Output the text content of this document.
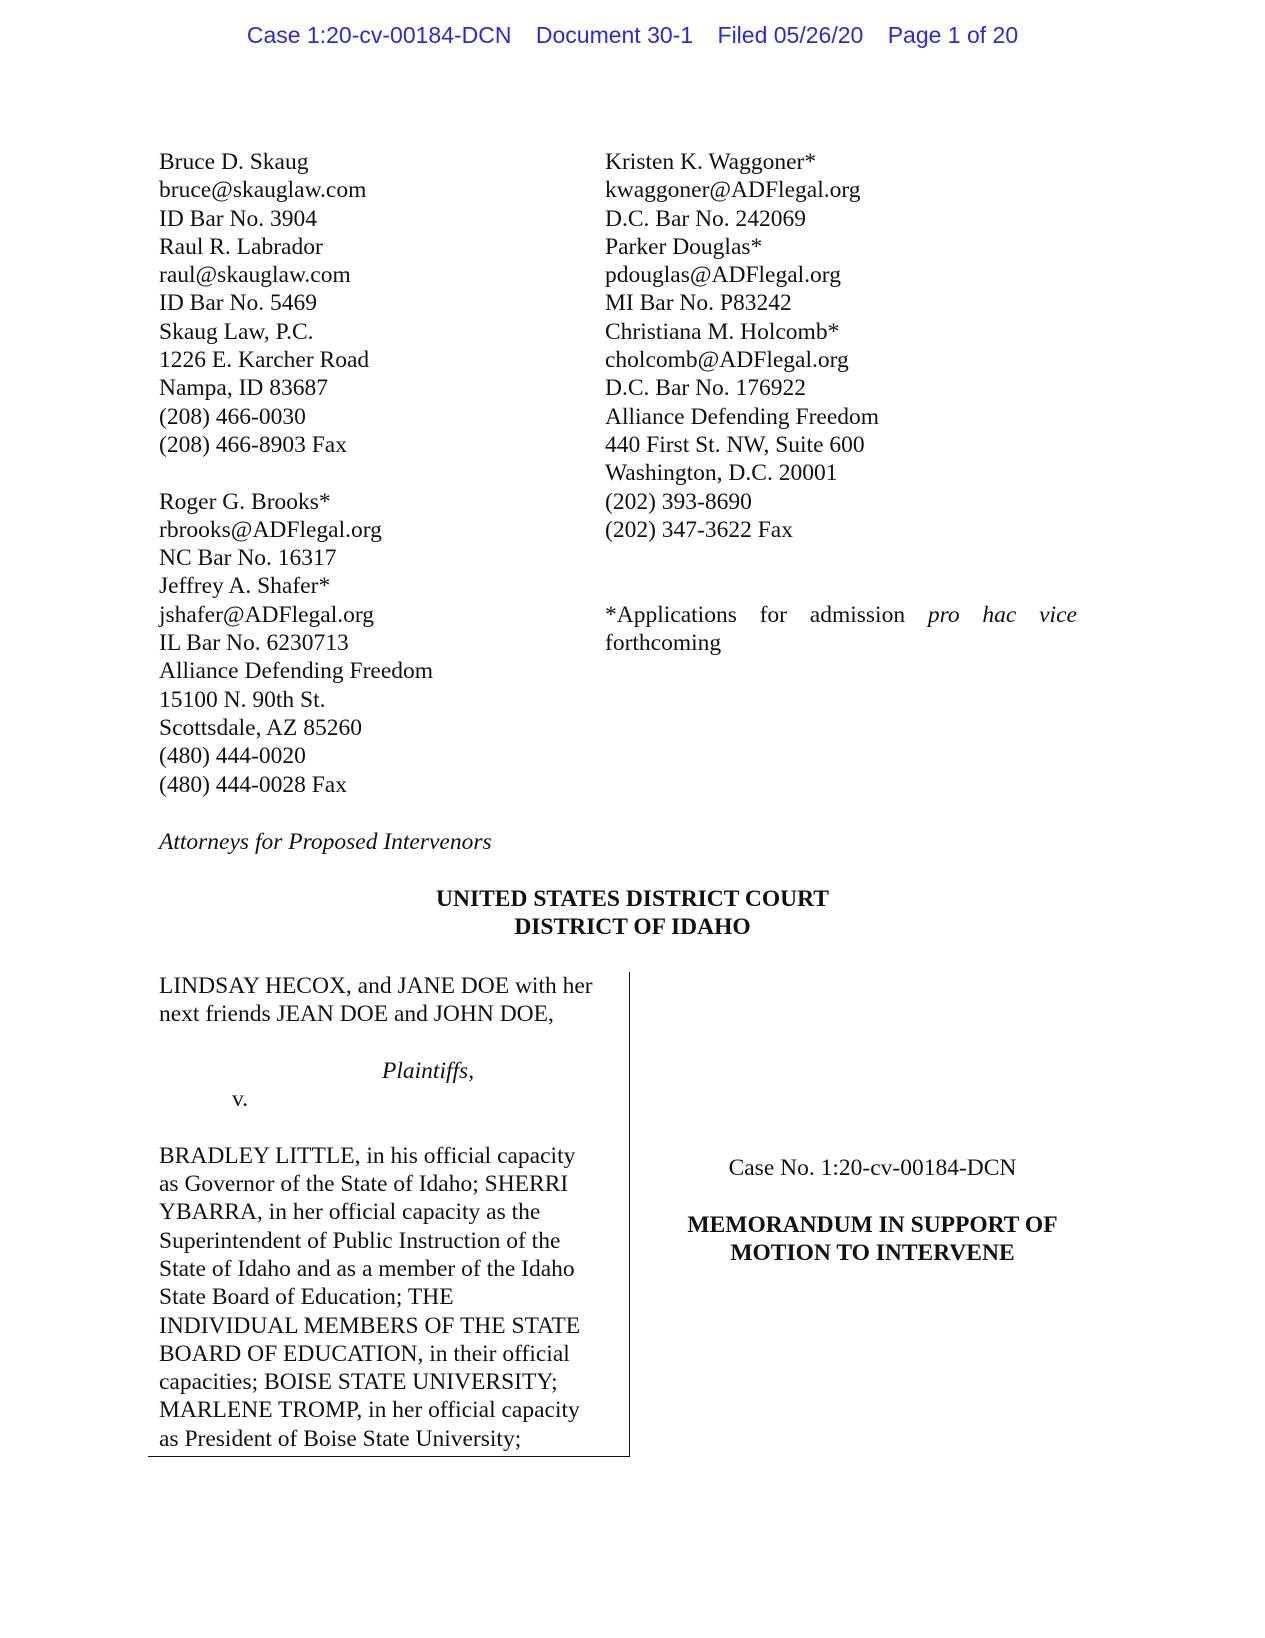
Case 1:20-cv-00184-DCN Document 30-1 Filed 05/26/20 Page 1 of 20
Bruce D. Skaug
bruce@skauglaw.com
ID Bar No. 3904
Raul R. Labrador
raul@skauglaw.com
ID Bar No. 5469
Skaug Law, P.C.
1226 E. Karcher Road
Nampa, ID 83687
(208) 466-0030
(208) 466-8903 Fax
Roger G. Brooks*
rbrooks@ADFlegal.org
NC Bar No. 16317
Jeffrey A. Shafer*
jshafer@ADFlegal.org
IL Bar No. 6230713
Alliance Defending Freedom
15100 N. 90th St.
Scottsdale, AZ 85260
(480) 444-0020
(480) 444-0028 Fax
Kristen K. Waggoner*
kwaggoner@ADFlegal.org
D.C. Bar No. 242069
Parker Douglas*
pdouglas@ADFlegal.org
MI Bar No. P83242
Christiana M. Holcomb*
cholcomb@ADFlegal.org
D.C. Bar No. 176922
Alliance Defending Freedom
440 First St. NW, Suite 600
Washington, D.C. 20001
(202) 393-8690
(202) 347-3622 Fax
*Applications for admission pro hac vice
forthcoming
Attorneys for Proposed Intervenors
UNITED STATES DISTRICT COURT
DISTRICT OF IDAHO
LINDSAY HECOX, and JANE DOE with her
next friends JEAN DOE and JOHN DOE,
Plaintiffs,
v.
BRADLEY LITTLE, in his official capacity
as Governor of the State of Idaho; SHERRI
YBARRA, in her official capacity as the
Superintendent of Public Instruction of the
State of Idaho and as a member of the Idaho
State Board of Education; THE
INDIVIDUAL MEMBERS OF THE STATE
BOARD OF EDUCATION, in their official
capacities; BOISE STATE UNIVERSITY;
MARLENE TROMP, in her official capacity
as President of Boise State University;
Case No. 1:20-cv-00184-DCN
MEMORANDUM IN SUPPORT OF
MOTION TO INTERVENE
